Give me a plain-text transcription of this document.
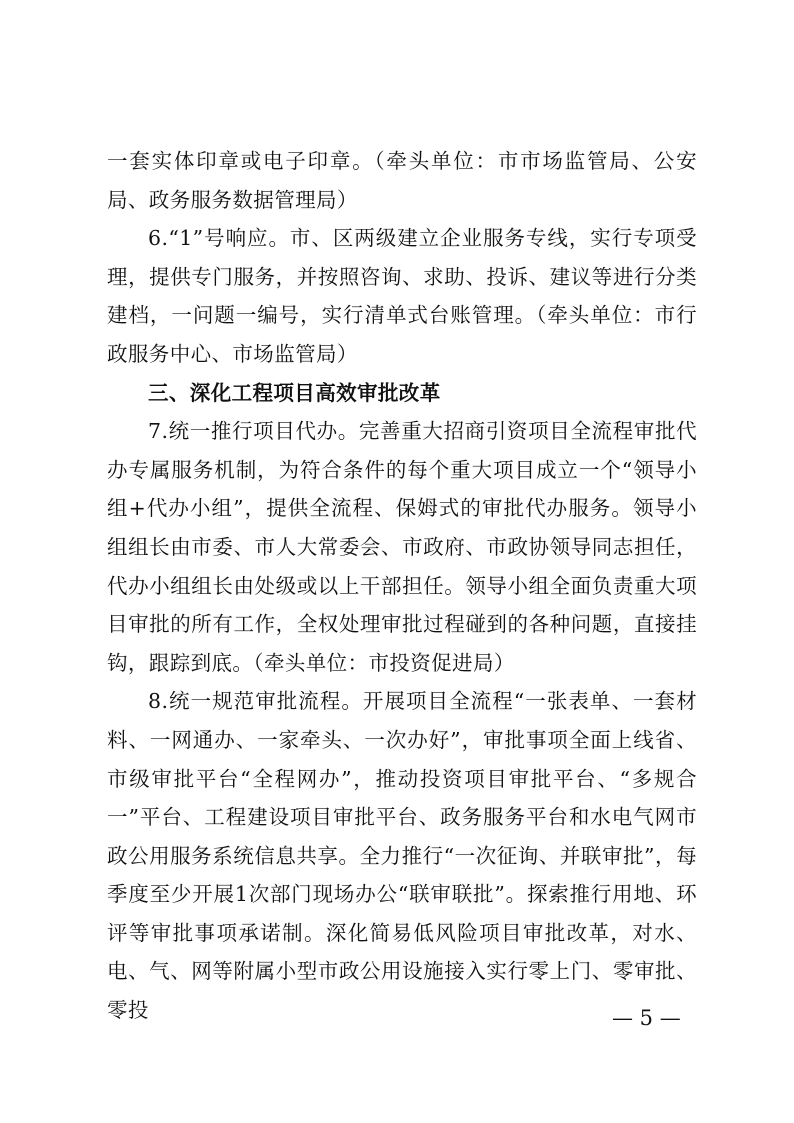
一套实体印章或电子印章。（牵头单位：市市场监管局、公安局、政务服务数据管理局）

6.“1”号响应。市、区两级建立企业服务专线，实行专项受理，提供专门服务，并按照咨询、求助、投诉、建议等进行分类建档，一问题一编号，实行清单式台账管理。（牵头单位：市行政服务中心、市场监管局）

三、深化工程项目高效审批改革

7.统一推行项目代办。完善重大招商引资项目全流程审批代办专属服务机制，为符合条件的每个重大项目成立一个“领导小组+代办小组”，提供全流程、保姆式的审批代办服务。领导小组组长由市委、市人大常委会、市政府、市政协领导同志担任，代办小组组长由处级或以上干部担任。领导小组全面负责重大项目审批的所有工作，全权处理审批过程碰到的各种问题，直接挂钩，跟踪到底。（牵头单位：市投资促进局）

8.统一规范审批流程。开展项目全流程“一张表单、一套材料、一网通办、一家牵头、一次办好”，审批事项全面上线省、市级审批平台“全程网办”，推动投资项目审批平台、“多规合一”平台、工程建设项目审批平台、政务服务平台和水电气网市政公用服务系统信息共享。全力推行“一次征询、并联审批”，每季度至少开展1次部门现场办公“联审联批”。探索推行用地、环评等审批事项承诺制。深化简易低风险项目审批改革，对水、电、气、网等附属小型市政公用设施接入实行零上门、零审批、零投	— 5 —
